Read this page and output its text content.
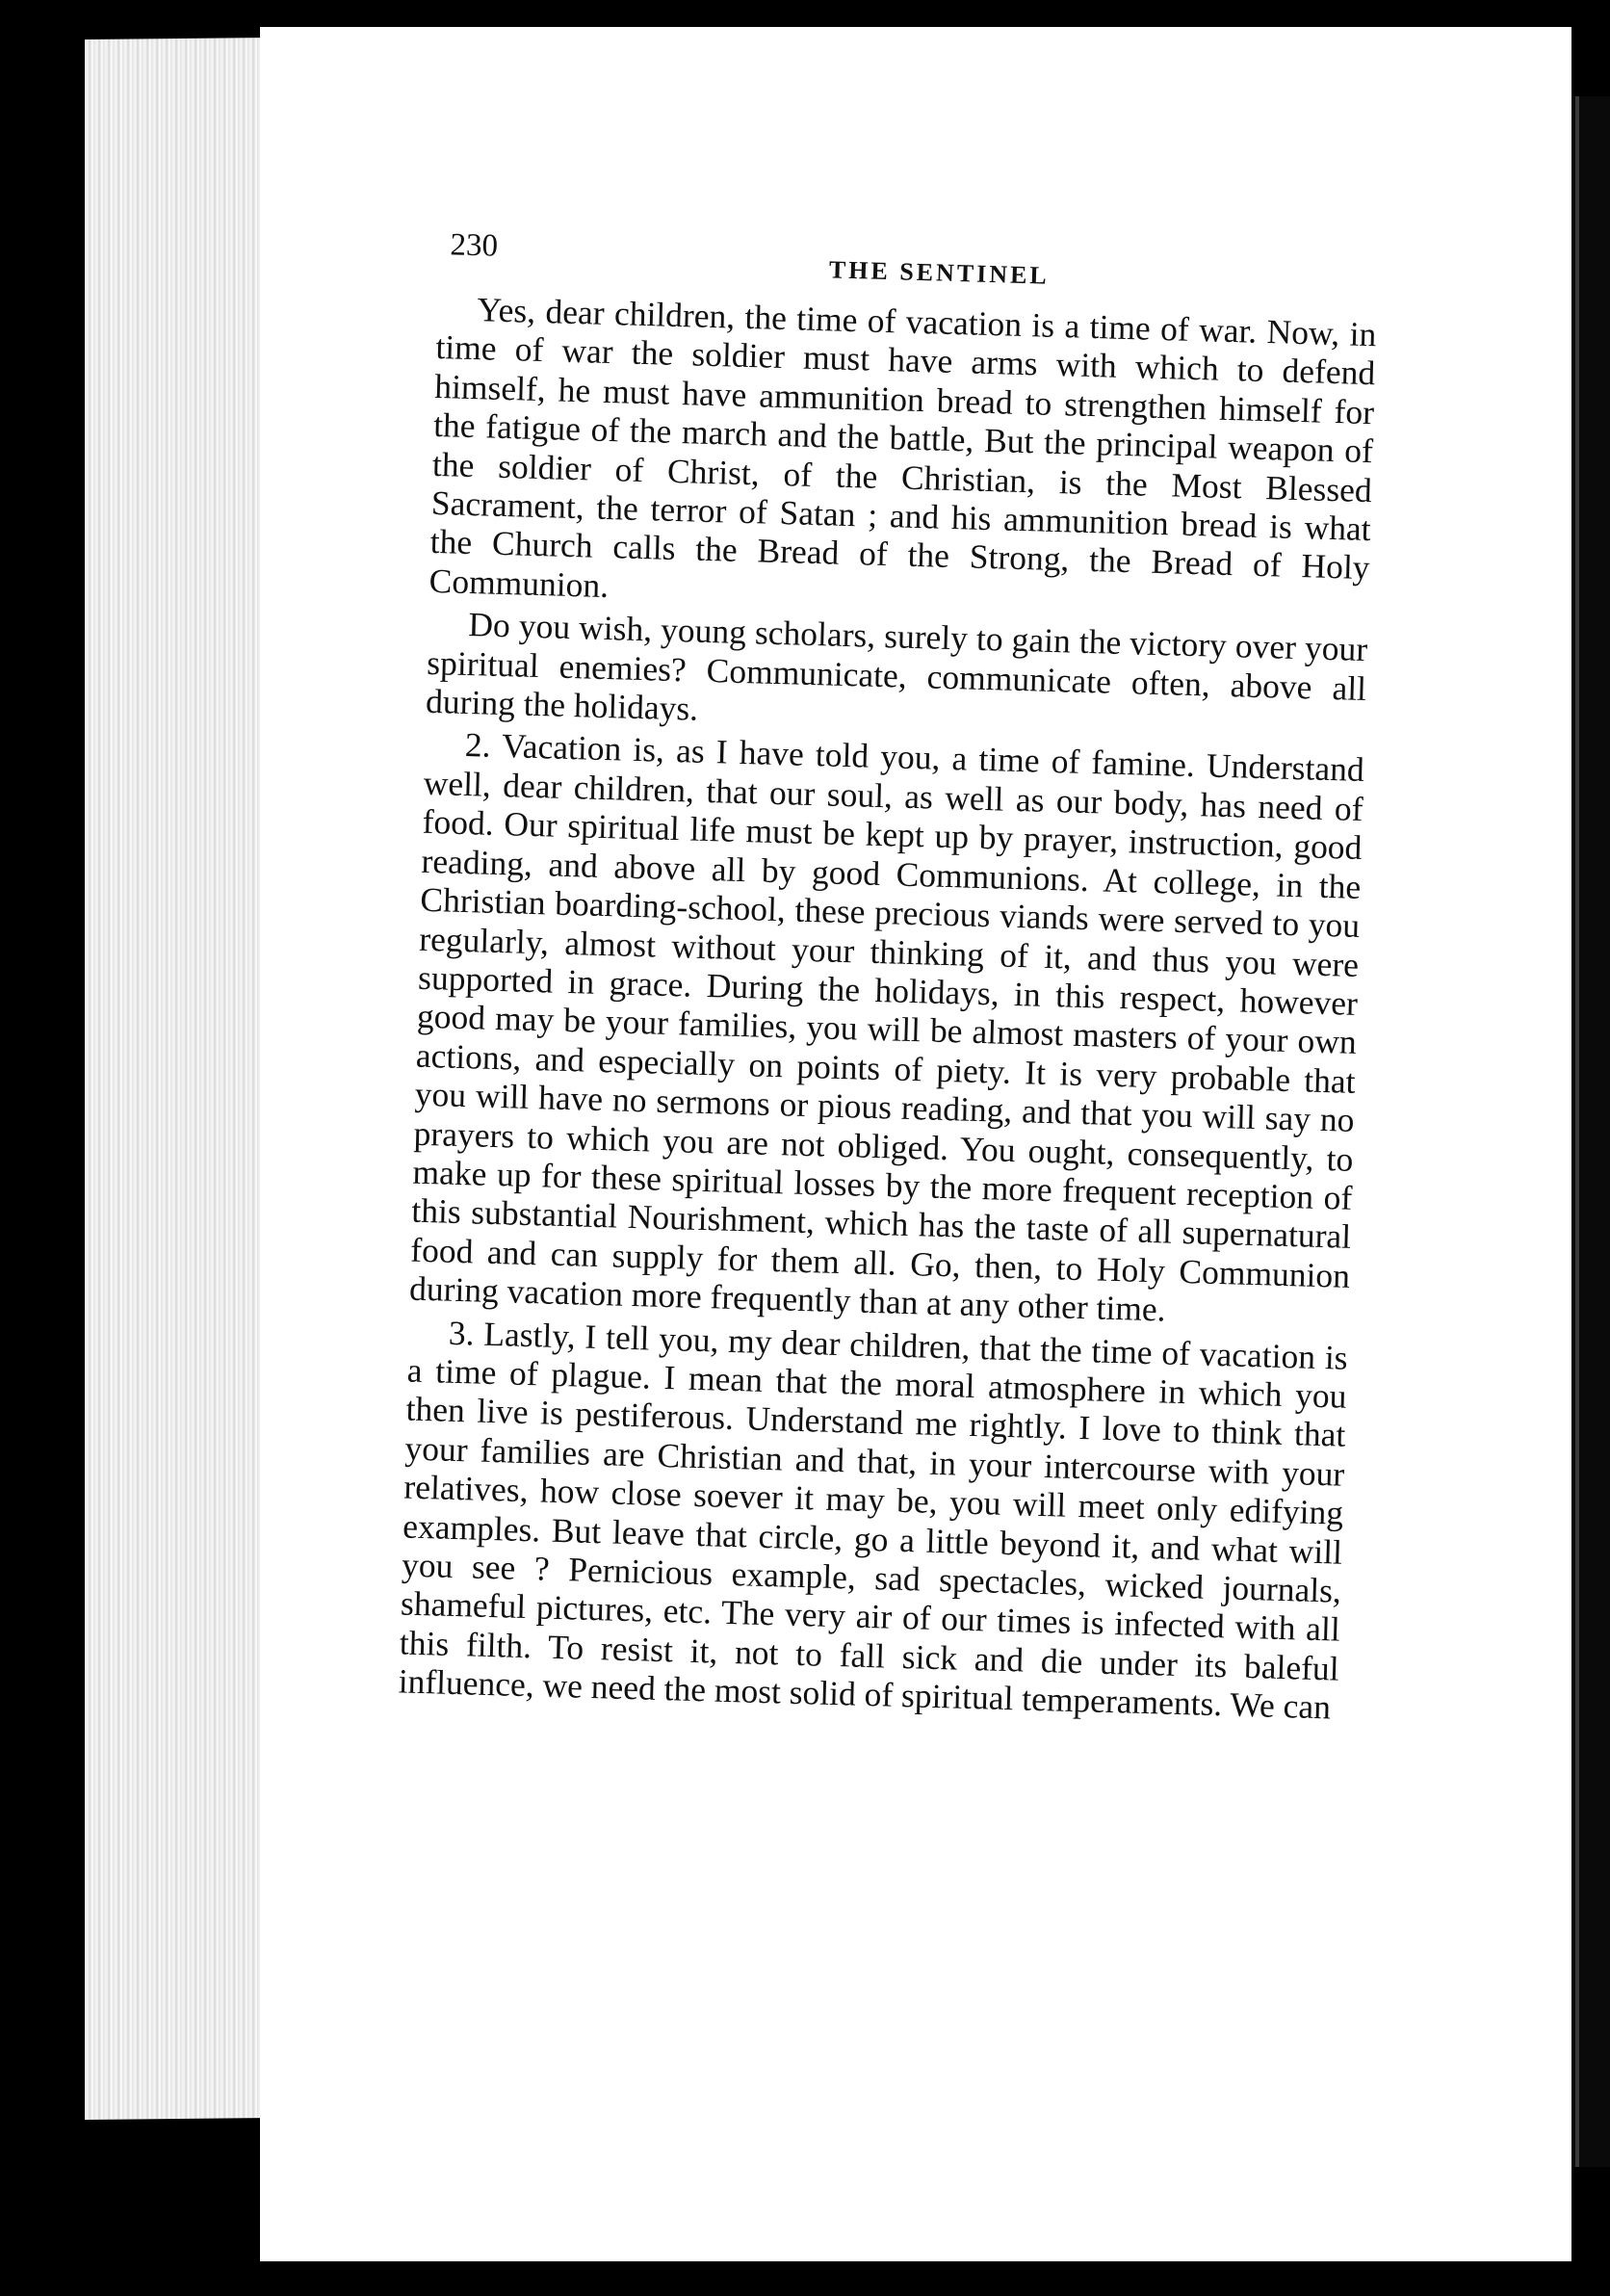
230
THE SENTINEL

Yes, dear children, the time of vacation is a time of war. Now, in time of war the soldier must have arms with which to defend himself, he must have ammunition bread to strengthen himself for the fatigue of the march and the battle, But the principal weapon of the soldier of Christ, of the Christian, is the Most Blessed Sacrament, the terror of Satan ; and his ammunition bread is what the Church calls the Bread of the Strong, the Bread of Holy Communion.

Do you wish, young scholars, surely to gain the victory over your spiritual enemies? Communicate, communicate often, above all during the holidays.

2. Vacation is, as I have told you, a time of famine. Understand well, dear children, that our soul, as well as our body, has need of food. Our spiritual life must be kept up by prayer, instruction, good reading, and above all by good Communions. At college, in the Christian boarding-school, these precious viands were served to you regularly, almost without your thinking of it, and thus you were supported in grace. During the holidays, in this respect, however good may be your families, you will be almost masters of your own actions, and especially on points of piety. It is very probable that you will have no sermons or pious reading, and that you will say no prayers to which you are not obliged. You ought, consequently, to make up for these spiritual losses by the more frequent reception of this substantial Nourishment, which has the taste of all supernatural food and can supply for them all. Go, then, to Holy Communion during vacation more frequently than at any other time.

3. Lastly, I tell you, my dear children, that the time of vacation is a time of plague. I mean that the moral atmosphere in which you then live is pestiferous. Understand me rightly. I love to think that your families are Christian and that, in your intercourse with your relatives, how close soever it may be, you will meet only edifying examples. But leave that circle, go a little beyond it, and what will you see ? Pernicious example, sad spectacles, wicked journals, shameful pictures, etc. The very air of our times is infected with all this filth. To resist it, not to fall sick and die under its baleful influence, we need the most solid of spiritual temperaments. We can
